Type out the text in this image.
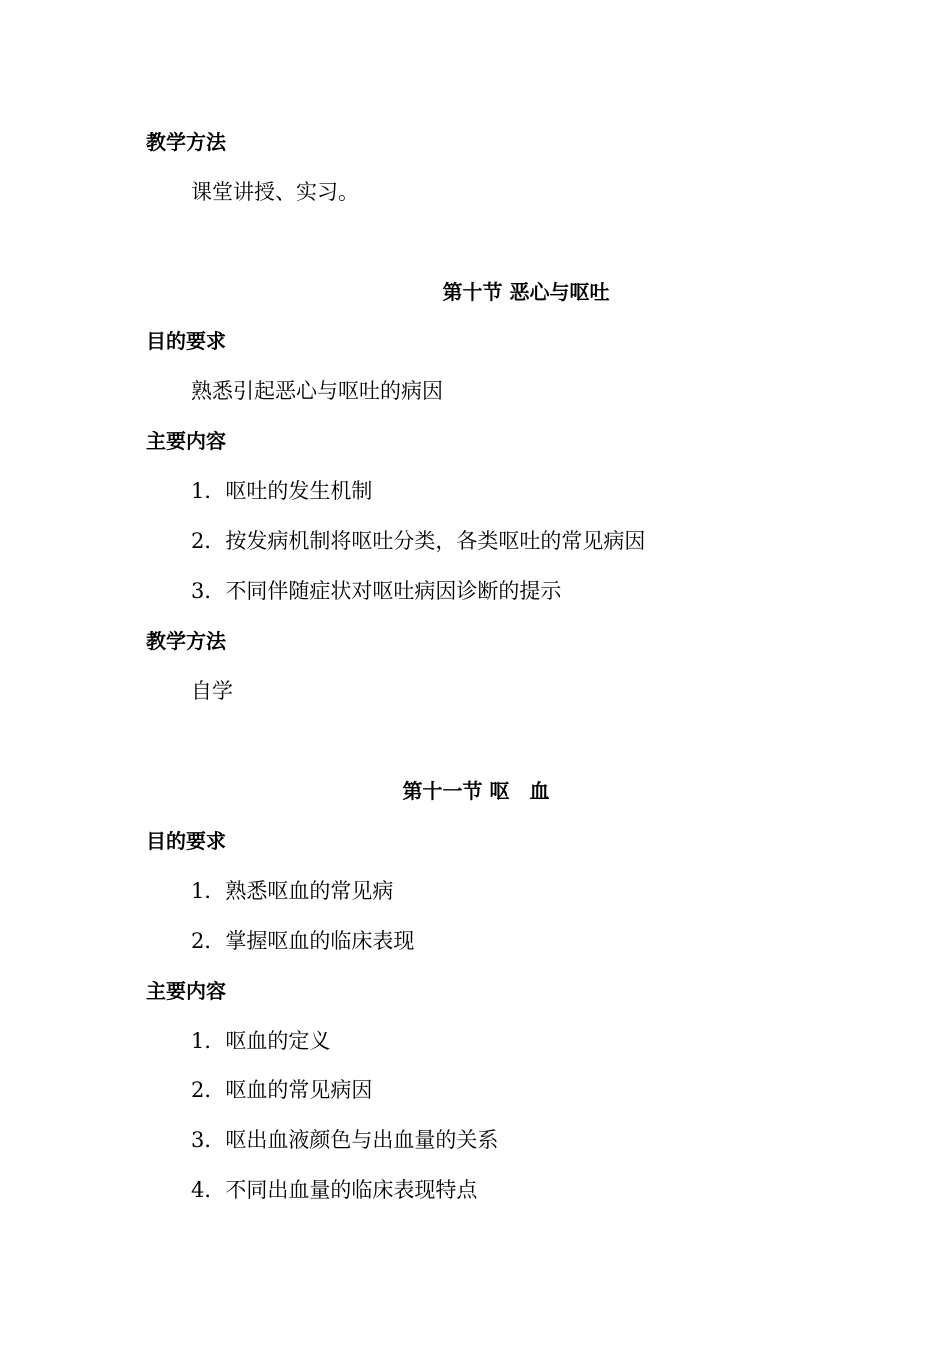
教学方法
课堂讲授、实习。
第十节 恶心与呕吐
目的要求
熟悉引起恶心与呕吐的病因
主要内容
1．呕吐的发生机制
2．按发病机制将呕吐分类，各类呕吐的常见病因
3．不同伴随症状对呕吐病因诊断的提示
教学方法
自学
第十一节 呕　血
目的要求
1．熟悉呕血的常见病
2．掌握呕血的临床表现
主要内容
1．呕血的定义
2．呕血的常见病因
3．呕出血液颜色与出血量的关系
4．不同出血量的临床表现特点
